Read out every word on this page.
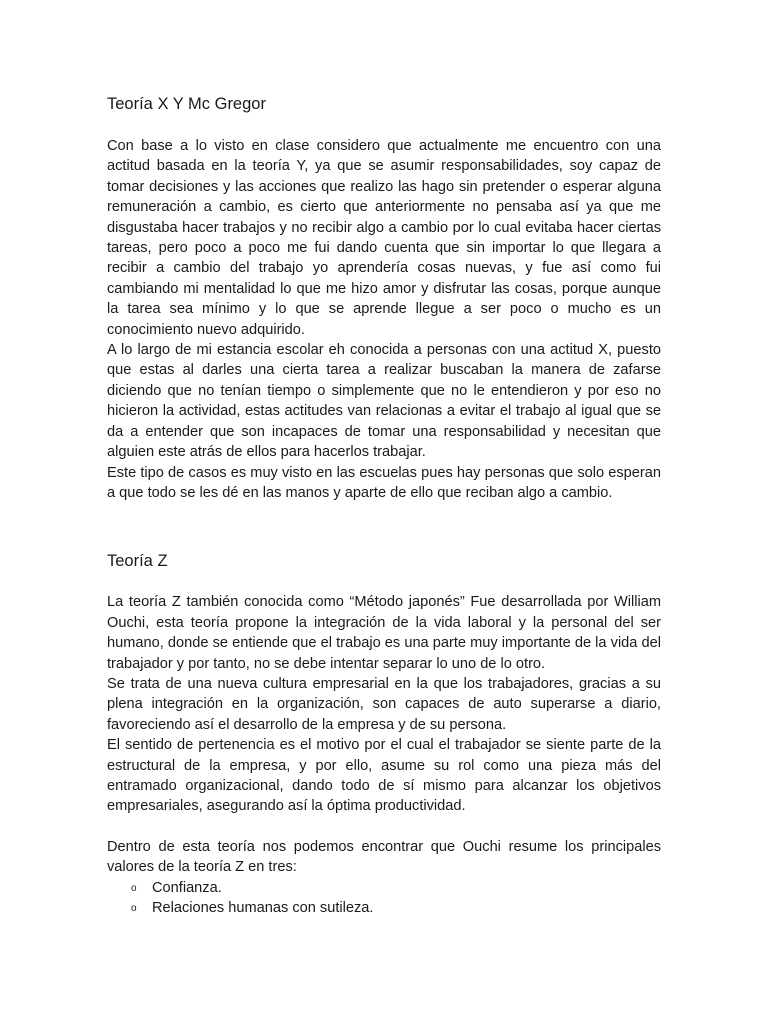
Teoría X Y Mc Gregor

Con base a lo visto en clase considero que actualmente me encuentro con una actitud basada en la teoría Y, ya que se asumir responsabilidades, soy capaz de tomar decisiones y las acciones que realizo las hago sin pretender o esperar alguna remuneración a cambio, es cierto que anteriormente no pensaba así ya que me disgustaba hacer trabajos y no recibir algo a cambio por lo cual evitaba hacer ciertas tareas, pero poco a poco me fui dando cuenta que sin importar lo que llegara a recibir a cambio del trabajo yo aprendería cosas nuevas, y fue así como fui cambiando mi mentalidad lo que me hizo amor y disfrutar las cosas, porque aunque la tarea sea mínimo y lo que se aprende llegue a ser poco o mucho es un conocimiento nuevo adquirido.

A lo largo de mi estancia escolar eh conocida a personas con una actitud X, puesto que estas al darles una cierta tarea a realizar buscaban la manera de zafarse diciendo que no tenían tiempo o simplemente que no le entendieron y por eso no hicieron la actividad, estas actitudes van relacionas a evitar el trabajo al igual que se da a entender que son incapaces de tomar una responsabilidad y necesitan que alguien este atrás de ellos para hacerlos trabajar.

Este tipo de casos es muy visto en las escuelas pues hay personas que solo esperan a que todo se les dé en las manos y aparte de ello que reciban algo a cambio.

Teoría Z

La teoría Z también conocida como “Método japonés” Fue desarrollada por William Ouchi, esta teoría propone la integración de la vida laboral y la personal del ser humano, donde se entiende que el trabajo es una parte muy importante de la vida del trabajador y por tanto, no se debe intentar separar lo uno de lo otro.

Se trata de una nueva cultura empresarial en la que los trabajadores, gracias a su plena integración en la organización, son capaces de auto superarse a diario, favoreciendo así el desarrollo de la empresa y de su persona.

El sentido de pertenencia es el motivo por el cual el trabajador se siente parte de la estructural de la empresa, y por ello, asume su rol como una pieza más del entramado organizacional, dando todo de sí mismo para alcanzar los objetivos empresariales, asegurando así la óptima productividad.

Dentro de esta teoría nos podemos encontrar que Ouchi resume los principales valores de la teoría Z en tres:

o Confianza.
o Relaciones humanas con sutileza.
